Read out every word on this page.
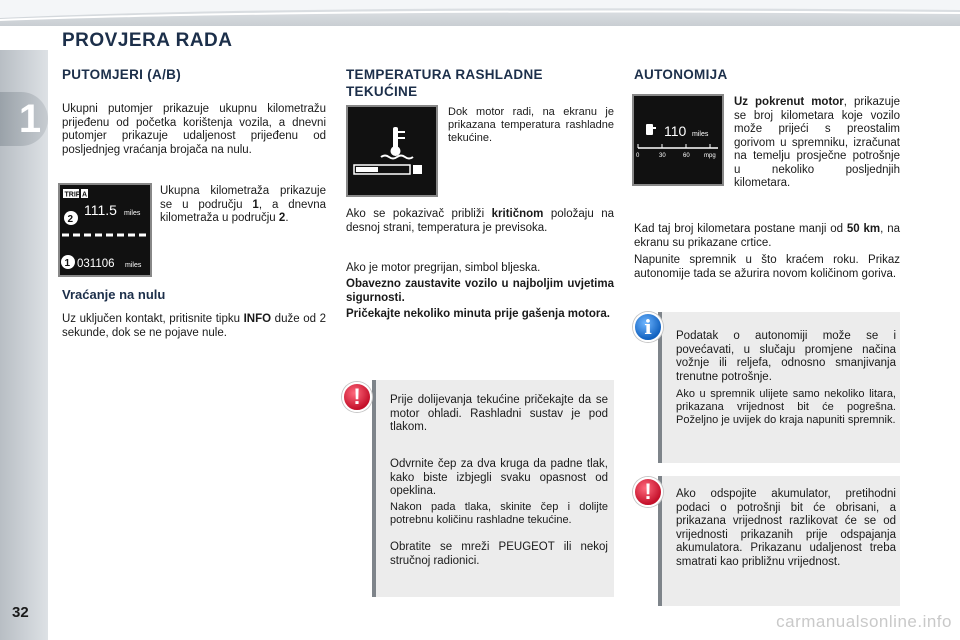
PROVJERA RADA
1
32
PUTOMJERI (A/B)
Ukupni putomjer prikazuje ukupnu kilometražu prijeđenu od početka korištenja vozila, a dnevni putomjer prikazuje udaljenost prijeđenu od posljednjeg vraćanja brojača na nulu.
TRIP A
2
111.5 miles
1 031106 miles
Ukupna kilometraža prikazuje se u području 1, a dnevna kilometraža u području 2.
Vraćanje na nulu
Uz uključen kontakt, pritisnite tipku INFO duže od 2 sekunde, dok se ne pojave nule.
TEMPERATURA RASHLADNE
TEKUĆINE
Dok motor radi, na ekranu je prikazana temperatura rashladne tekućine.
Ako se pokazivač približi kritičnom položaju na desnoj strani, temperatura je previsoka.
Ako je motor pregrijan, simbol bljeska.
Obavezno zaustavite vozilo u najboljim uvjetima sigurnosti.
Pričekajte nekoliko minuta prije gašenja motora.
Prije dolijevanja tekućine pričekajte da se motor ohladi. Rashladni sustav je pod tlakom.
Odvrnite čep za dva kruga da padne tlak, kako biste izbjegli svaku opasnost od opeklina.
Nakon pada tlaka, skinite čep i dolijte potrebnu količinu rashladne tekućine.
Obratite se mreži PEUGEOT ili nekoj stručnoj radionici.
!
AUTONOMIJA
110 miles
0	30	60 mpg
Uz pokrenut motor, prikazuje se broj kilometara koje vozilo može prijeći s preostalim gorivom u spremniku, izračunat na temelju prosječne potrošnje u nekoliko posljednjih kilometara.
Kad taj broj kilometara postane manji od 50 km, na ekranu su prikazane crtice.
Napunite spremnik u što kraćem roku. Prikaz autonomije tada se ažurira novom količinom goriva.
Podatak o autonomiji može se i povećavati, u slučaju promjene načina vožnje ili reljefa, odnosno smanjivanja trenutne potrošnje.
Ako u spremnik ulijete samo nekoliko litara, prikazana vrijednost bit će pogrešna. Poželjno je uvijek do kraja napuniti spremnik.
i
Ako odspojite akumulator, pretihodni podaci o potrošnji bit će obrisani, a prikazana vrijednost razlikovat će se od vrijednosti prikazanih prije odspajanja akumulatora. Prikazanu udaljenost treba smatrati kao približnu vrijednost.
!
carmanualsonline.info
